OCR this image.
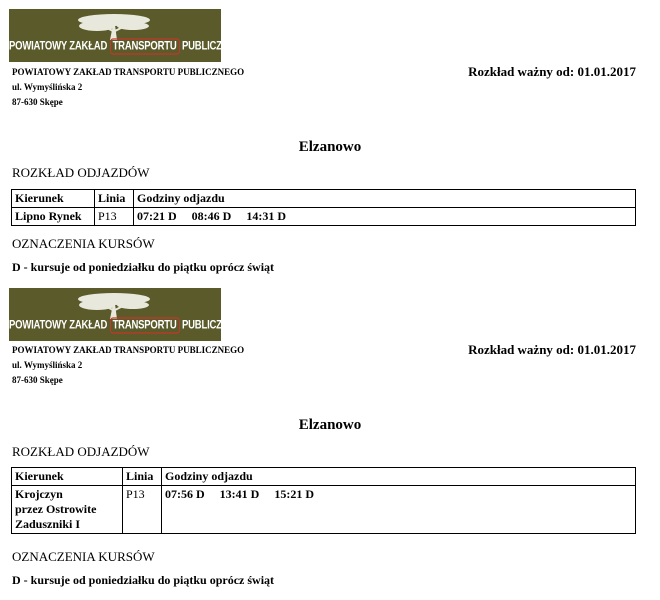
POWIATOWY ZAKŁAD TRANSPORTU PUBLICZNEGO
POWIATOWY ZAKŁAD TRANSPORTU PUBLICZNEGO
ul. Wymyślińska 2
87-630 Skępe
Rozkład ważny od: 01.01.2017
Elzanowo
ROZKŁAD ODJAZDÓW
Kierunek	Linia	Godziny odjazdu

Lipno Rynek	P13	07:21 D 08:46 D 14:31 D
OZNACZENIA KURSÓW
D - kursuje od poniedziałku do piątku oprócz świąt
POWIATOWY ZAKŁAD TRANSPORTU PUBLICZNEGO
POWIATOWY ZAKŁAD TRANSPORTU PUBLICZNEGO
ul. Wymyślińska 2
87-630 Skępe
Rozkład ważny od: 01.01.2017
Elzanowo
ROZKŁAD ODJAZDÓW
Kierunek	Linia	Godziny odjazdu

Krojczyn
przez Ostrowite
Zaduszniki I	P13	07:56 D 13:41 D 15:21 D
OZNACZENIA KURSÓW
D - kursuje od poniedziałku do piątku oprócz świąt
